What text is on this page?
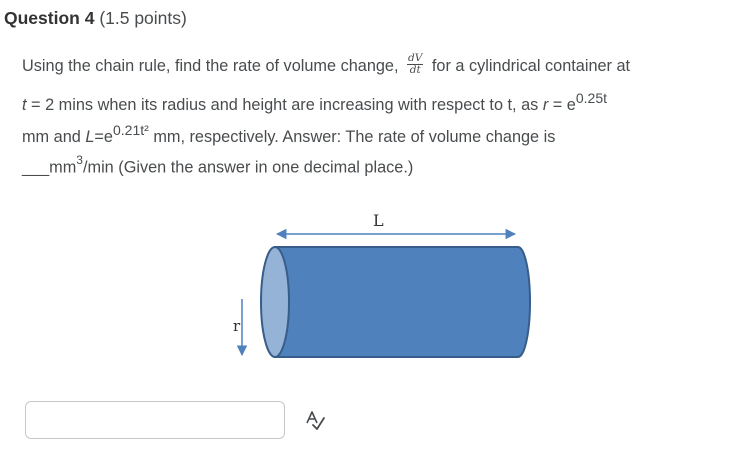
Question 4 (1.5 points)
Using the chain rule, find the rate of volume change, $\frac{dV}{dt}$ for a cylindrical container at
t = 2 mins when its radius and height are increasing with respect to t, as r = e0.25t
mm and L=e0.21t² mm, respectively. Answer: The rate of volume change is
$\_\_\_mm^3/\min$ (Given the answer in one decimal place.)
L
r
